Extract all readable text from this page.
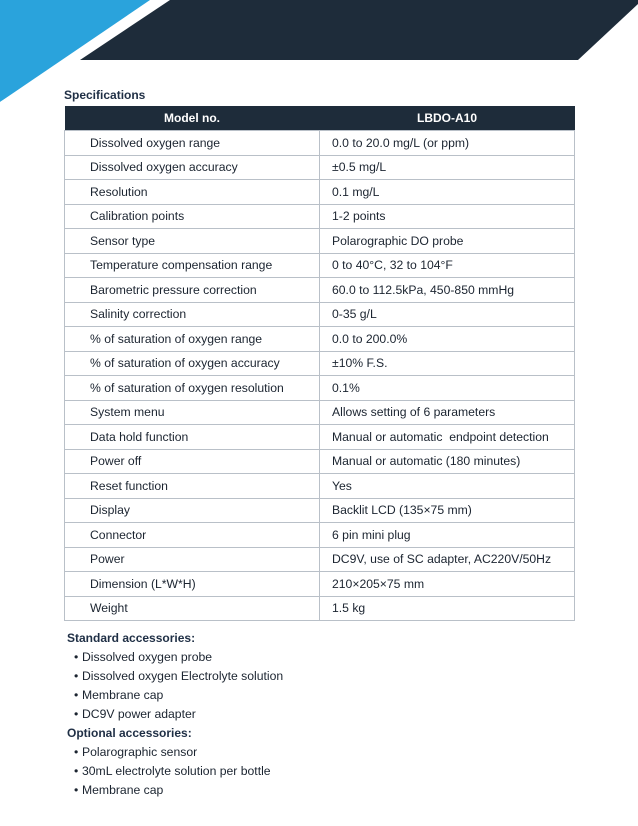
Specifications
Model no.	LBDO-A10
Dissolved oxygen range	0.0 to 20.0 mg/L (or ppm)
Dissolved oxygen accuracy	±0.5 mg/L
Resolution	0.1 mg/L
Calibration points	1-2 points
Sensor type	Polarographic DO probe
Temperature compensation range	0 to 40°C, 32 to 104°F
Barometric pressure correction	60.0 to 112.5kPa, 450-850 mmHg
Salinity correction	0-35 g/L
% of saturation of oxygen range	0.0 to 200.0%
% of saturation of oxygen accuracy	±10% F.S.
% of saturation of oxygen resolution	0.1%
System menu	Allows setting of 6 parameters
Data hold function	Manual or automatic  endpoint detection
Power off	Manual or automatic (180 minutes)
Reset function	Yes
Display	Backlit LCD (135×75 mm)
Connector	6 pin mini plug
Power	DC9V, use of SC adapter, AC220V/50Hz
Dimension (L*W*H)	210×205×75 mm
Weight	1.5 kg
Standard accessories:
• Dissolved oxygen probe
• Dissolved oxygen Electrolyte solution
• Membrane cap
• DC9V power adapter
Optional accessories:
• Polarographic sensor
• 30mL electrolyte solution per bottle
• Membrane cap
